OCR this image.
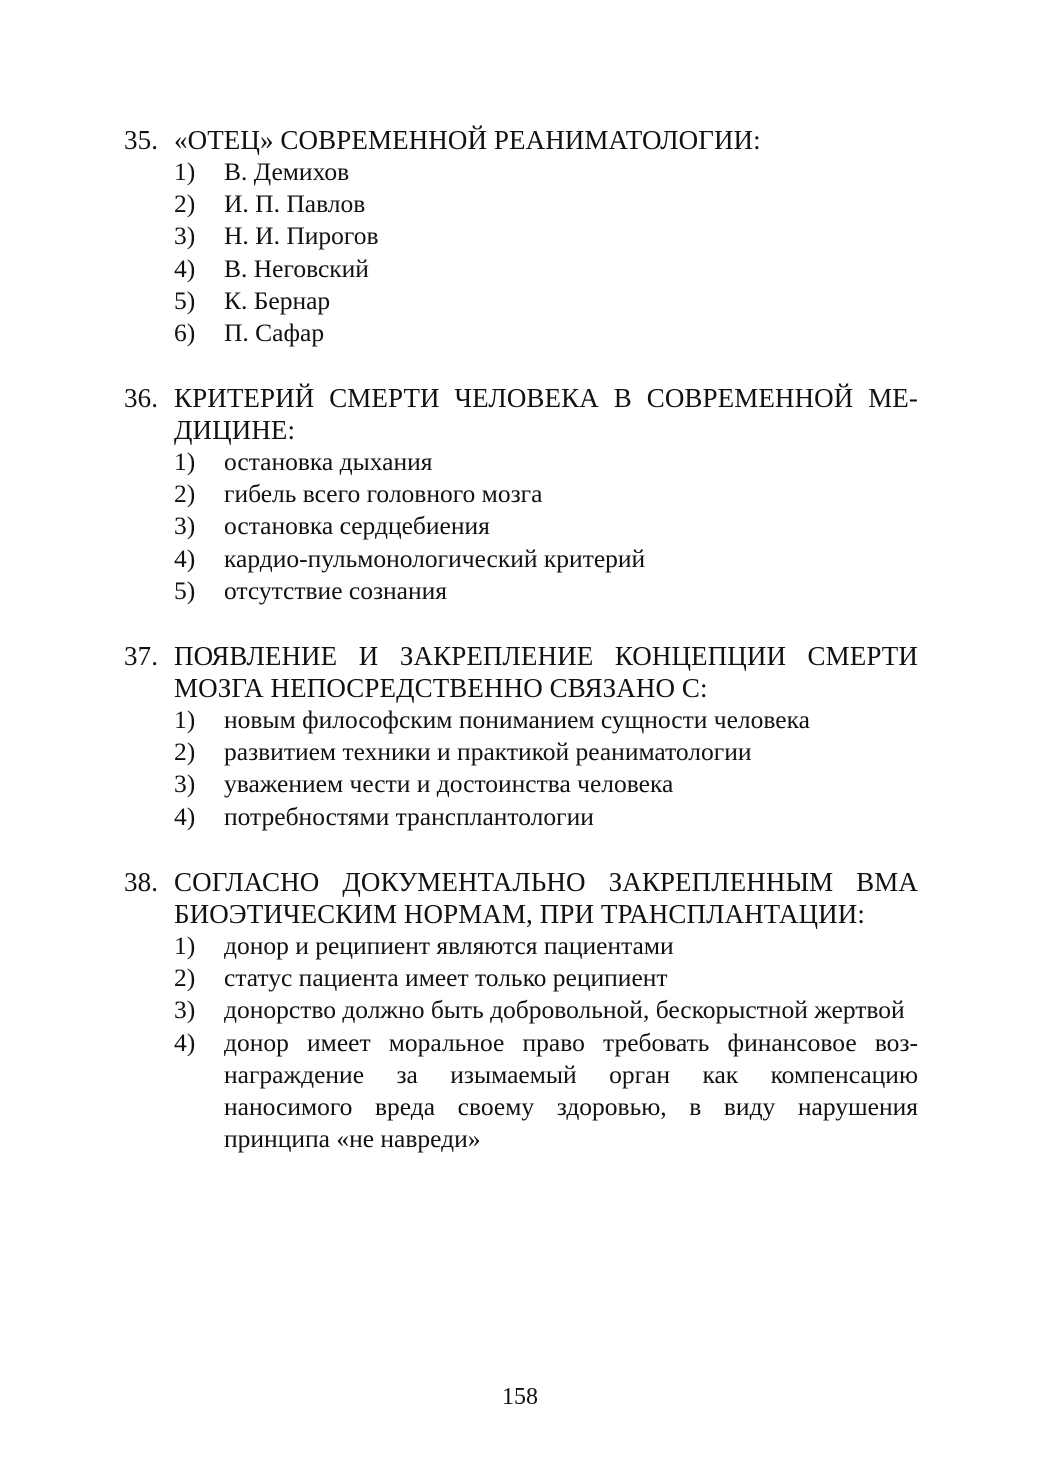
35. «ОТЕЦ» СОВРЕМЕННОЙ РЕАНИМАТОЛОГИИ:
1)	В. Демихов
2)	И. П. Павлов
3)	Н. И. Пирогов
4)	В. Неговский
5)	К. Бернар
6)	П. Сафар
36. КРИТЕРИЙ СМЕРТИ ЧЕЛОВЕКА В СОВРЕМЕННОЙ МЕ-ДИЦИНЕ:
1)	остановка дыхания
2)	гибель всего головного мозга
3)	остановка сердцебиения
4)	кардио-пульмонологический критерий
5)	отсутствие сознания
37. ПОЯВЛЕНИЕ И ЗАКРЕПЛЕНИЕ КОНЦЕПЦИИ СМЕРТИ МОЗГА НЕПОСРЕДСТВЕННО СВЯЗАНО С:
1)	новым философским пониманием сущности человека
2)	развитием техники и практикой реаниматологии
3)	уважением чести и достоинства человека
4)	потребностями трансплантологии
38. СОГЛАСНО ДОКУМЕНТАЛЬНО ЗАКРЕПЛЕННЫМ ВМА БИОЭТИЧЕСКИМ НОРМАМ, ПРИ ТРАНСПЛАНТАЦИИ:
1)	донор и реципиент являются пациентами
2)	статус пациента имеет только реципиент
3)	донорство должно быть добровольной, бескорыстной жертвой
4)	донор имеет моральное право требовать финансовое воз-награждение за изымаемый орган как компенсацию наносимого вреда своему здоровью, в виду нарушения принципа «не навреди»
158
